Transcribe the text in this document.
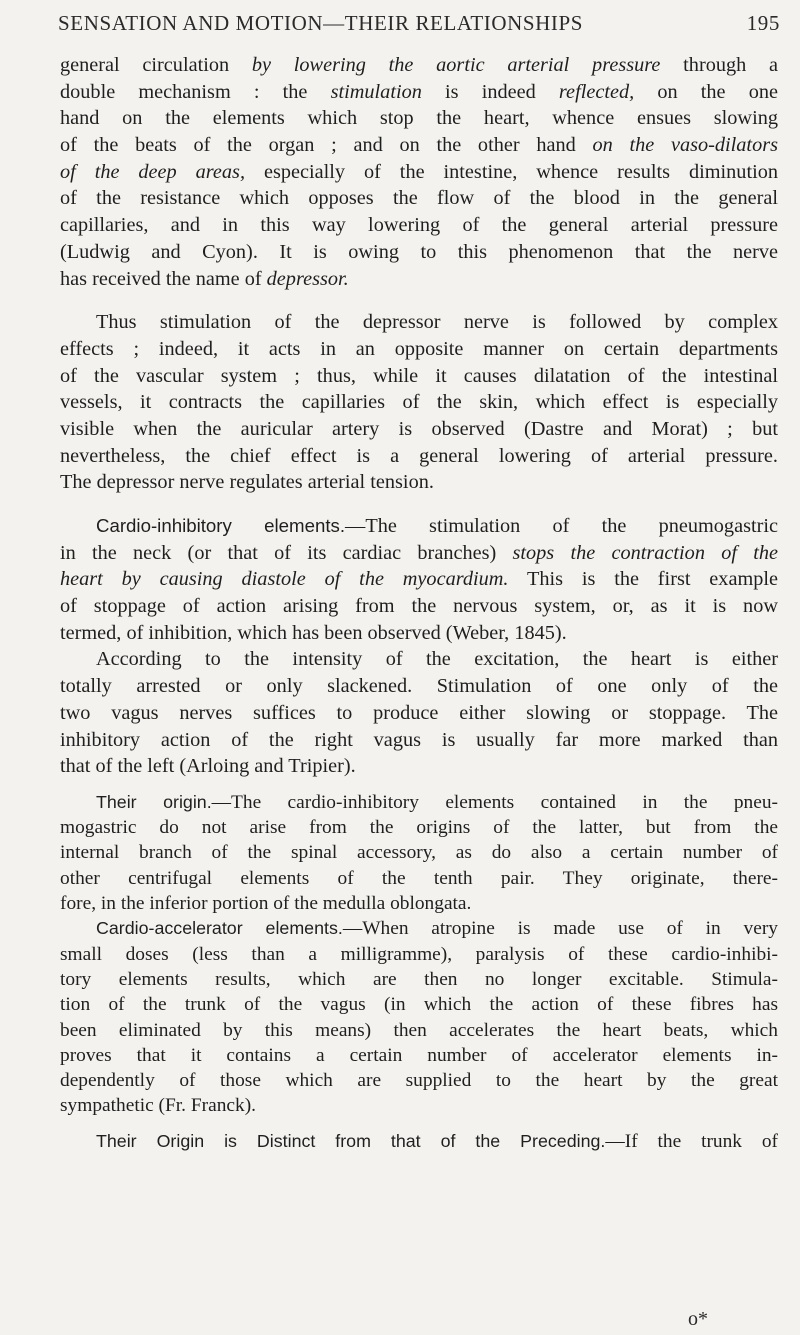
SENSATION AND MOTION—THEIR RELATIONSHIPS	195
general circulation by lowering the aortic arterial pressure through a
double mechanism : the stimulation is indeed reflected, on the one
hand on the elements which stop the heart, whence ensues slowing
of the beats of the organ ; and on the other hand on the vaso-dilators
of the deep areas, especially of the intestine, whence results diminution
of the resistance which opposes the flow of the blood in the general
capillaries, and in this way lowering of the general arterial pressure
(Ludwig and Cyon). It is owing to this phenomenon that the nerve
has received the name of depressor.
Thus stimulation of the depressor nerve is followed by complex
effects ; indeed, it acts in an opposite manner on certain departments
of the vascular system ; thus, while it causes dilatation of the intestinal
vessels, it contracts the capillaries of the skin, which effect is especially
visible when the auricular artery is observed (Dastre and Morat) ; but
nevertheless, the chief effect is a general lowering of arterial pressure.
The depressor nerve regulates arterial tension.
Cardio-inhibitory elements.—The stimulation of the pneumogastric
in the neck (or that of its cardiac branches) stops the contraction of the
heart by causing diastole of the myocardium. This is the first example
of stoppage of action arising from the nervous system, or, as it is now
termed, of inhibition, which has been observed (Weber, 1845).
According to the intensity of the excitation, the heart is either
totally arrested or only slackened. Stimulation of one only of the
two vagus nerves suffices to produce either slowing or stoppage. The
inhibitory action of the right vagus is usually far more marked than
that of the left (Arloing and Tripier).
Their origin.—The cardio-inhibitory elements contained in the pneu-
mogastric do not arise from the origins of the latter, but from the
internal branch of the spinal accessory, as do also a certain number of
other centrifugal elements of the tenth pair. They originate, there-
fore, in the inferior portion of the medulla oblongata.
Cardio-accelerator elements.—When atropine is made use of in very
small doses (less than a milligramme), paralysis of these cardio-inhibi-
tory elements results, which are then no longer excitable. Stimula-
tion of the trunk of the vagus (in which the action of these fibres has
been eliminated by this means) then accelerates the heart beats, which
proves that it contains a certain number of accelerator elements in-
dependently of those which are supplied to the heart by the great
sympathetic (Fr. Franck).
Their Origin is Distinct from that of the Preceding.—If the trunk of
o*
